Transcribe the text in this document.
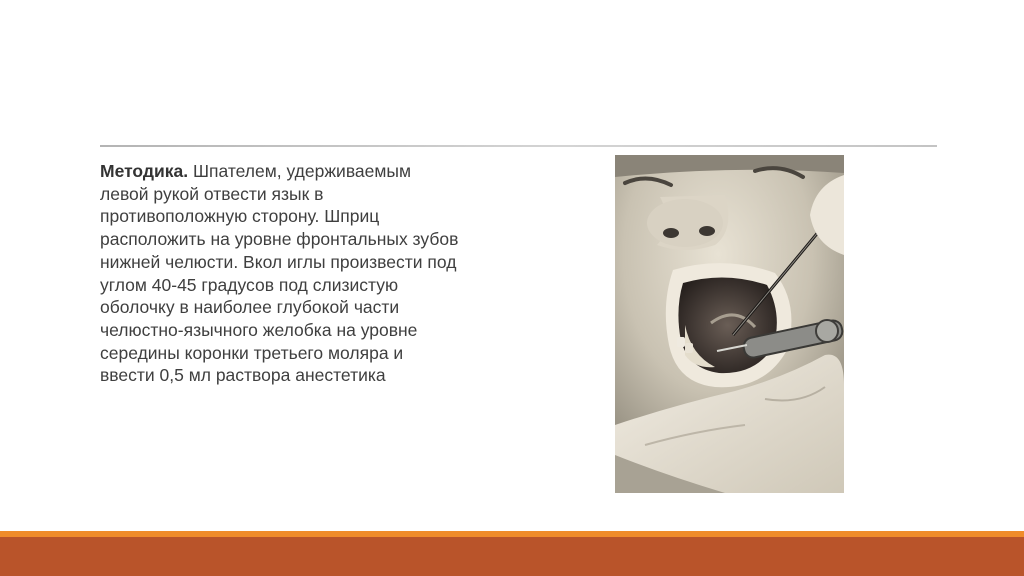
Методика. Шпателем, удерживаемым
левой рукой отвести язык в
противоположную сторону. Шприц
расположить на уровне фронтальных зубов
нижней челюсти. Вкол иглы произвести под
углом 40-45 градусов под слизистую
оболочку в наиболее глубокой части
челюстно-язычного желобка на уровне
середины коронки третьего моляра и
ввести 0,5 мл раствора анестетика
